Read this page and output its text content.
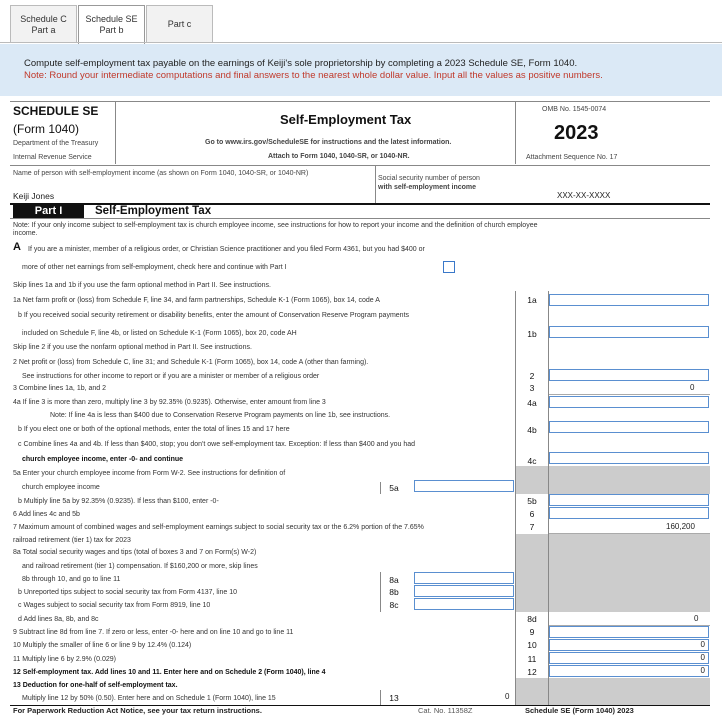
Schedule C
Part a
Schedule SE
Part b
Part c
Compute self-employment tax payable on the earnings of Keiji's sole proprietorship by completing a 2023 Schedule SE, Form 1040.
Note: Round your intermediate computations and final answers to the nearest whole dollar value. Input all the values as positive numbers.
SCHEDULE SE
(Form 1040)
Department of the Treasury
Internal Revenue Service
Self-Employment Tax
Go to www.irs.gov/ScheduleSE for instructions and the latest information.
Attach to Form 1040, 1040-SR, or 1040-NR.
OMB No. 1545-0074
2023
Attachment Sequence No. 17
Name of person with self-employment income (as shown on Form 1040, 1040-SR, or 1040-NR)
Social security number of person
with self-employment income
Keiji Jones	XXX-XX-XXXX
Part I	Self-Employment Tax
Note: If your only income subject to self-employment tax is church employee income, see instructions for how to report your income and the definition of church employee
income.
A If you are a minister, member of a religious order, or Christian Science practitioner and you filed Form 4361, but you had $400 or
more of other net earnings from self-employment, check here and continue with Part I
Skip lines 1a and 1b if you use the farm optional method in Part II. See instructions.
1a Net farm profit or (loss) from Schedule F, line 34, and farm partnerships, Schedule K-1 (Form 1065), box 14, code A	1a
b If you received social security retirement or disability benefits, enter the amount of Conservation Reserve Program payments
included on Schedule F, line 4b, or listed on Schedule K-1 (Form 1065), box 20, code AH	1b
Skip line 2 if you use the nonfarm optional method in Part II. See instructions.
2 Net profit or (loss) from Schedule C, line 31; and Schedule K-1 (Form 1065), box 14, code A (other than farming).
See instructions for other income to report or if you are a minister or member of a religious order	2
3 Combine lines 1a, 1b, and 2	3	0
4a If line 3 is more than zero, multiply line 3 by 92.35% (0.9235). Otherwise, enter amount from line 3	4a
Note: If line 4a is less than $400 due to Conservation Reserve Program payments on line 1b, see instructions.
b If you elect one or both of the optional methods, enter the total of lines 15 and 17 here	4b
c Combine lines 4a and 4b. If less than $400, stop; you don't owe self-employment tax. Exception: If less than $400 and you had
church employee income, enter -0- and continue	4c
5a Enter your church employee income from Form W-2. See instructions for definition of
church employee income	5a
b Multiply line 5a by 92.35% (0.9235). If less than $100, enter -0-	5b
6 Add lines 4c and 5b	6
7 Maximum amount of combined wages and self-employment earnings subject to social security tax or the 6.2% portion of the 7.65%
railroad retirement (tier 1) tax for 2023
7	160,200
8a Total social security wages and tips (total of boxes 3 and 7 on Form(s) W-2)
and railroad retirement (tier 1) compensation. If $160,200 or more, skip lines
8b through 10, and go to line 11	8a
b Unreported tips subject to social security tax from Form 4137, line 10	8b
c Wages subject to social security tax from Form 8919, line 10	8c
d Add lines 8a, 8b, and 8c	8d	0
9 Subtract line 8d from line 7. If zero or less, enter -0- here and on line 10 and go to line 11	9
10 Multiply the smaller of line 6 or line 9 by 12.4% (0.124)	10	0
11 Multiply line 6 by 2.9% (0.029)	11	0
12 Self-employment tax. Add lines 10 and 11. Enter here and on Schedule 2 (Form 1040), line 4	12	0
13 Deduction for one-half of self-employment tax.
Multiply line 12 by 50% (0.50). Enter here and on Schedule 1 (Form 1040), line 15	13	0
For Paperwork Reduction Act Notice, see your tax return instructions.	Cat. No. 11358Z	Schedule SE (Form 1040) 2023
